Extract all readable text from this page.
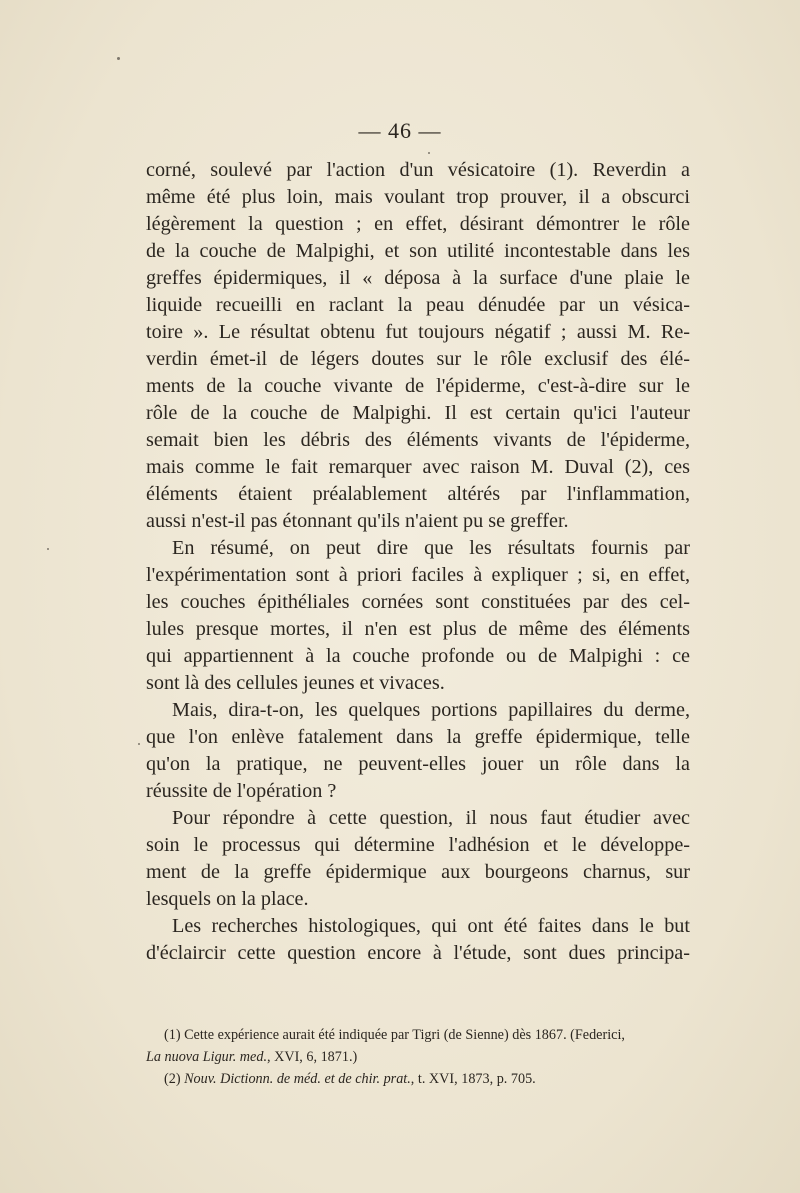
— 46 —

corné, soulevé par l'action d'un vésicatoire (1). Reverdin a
même été plus loin, mais voulant trop prouver, il a obscurci
légèrement la question ; en effet, désirant démontrer le rôle
de la couche de Malpighi, et son utilité incontestable dans les
greffes épidermiques, il « déposa à la surface d'une plaie le
liquide recueilli en raclant la peau dénudée par un vésica-
toire ». Le résultat obtenu fut toujours négatif ; aussi M. Re-
verdin émet-il de légers doutes sur le rôle exclusif des élé-
ments de la couche vivante de l'épiderme, c'est-à-dire sur le
rôle de la couche de Malpighi. Il est certain qu'ici l'auteur
semait bien les débris des éléments vivants de l'épiderme,
mais comme le fait remarquer avec raison M. Duval (2), ces
éléments étaient préalablement altérés par l'inflammation,
aussi n'est-il pas étonnant qu'ils n'aient pu se greffer.

En résumé, on peut dire que les résultats fournis par
l'expérimentation sont à priori faciles à expliquer ; si, en effet,
les couches épithéliales cornées sont constituées par des cel-
lules presque mortes, il n'en est plus de même des éléments
qui appartiennent à la couche profonde ou de Malpighi : ce
sont là des cellules jeunes et vivaces.

Mais, dira-t-on, les quelques portions papillaires du derme,
que l'on enlève fatalement dans la greffe épidermique, telle
qu'on la pratique, ne peuvent-elles jouer un rôle dans la
réussite de l'opération ?

Pour répondre à cette question, il nous faut étudier avec
soin le processus qui détermine l'adhésion et le développe-
ment de la greffe épidermique aux bourgeons charnus, sur
lesquels on la place.

Les recherches histologiques, qui ont été faites dans le but
d'éclaircir cette question encore à l'étude, sont dues principa-

(1) Cette expérience aurait été indiquée par Tigri (de Sienne) dès 1867. (Federici,
La nuova Ligur. med., XVI, 6, 1871.)
(2) Nouv. Dictionn. de méd. et de chir. prat., t. XVI, 1873, p. 705.
